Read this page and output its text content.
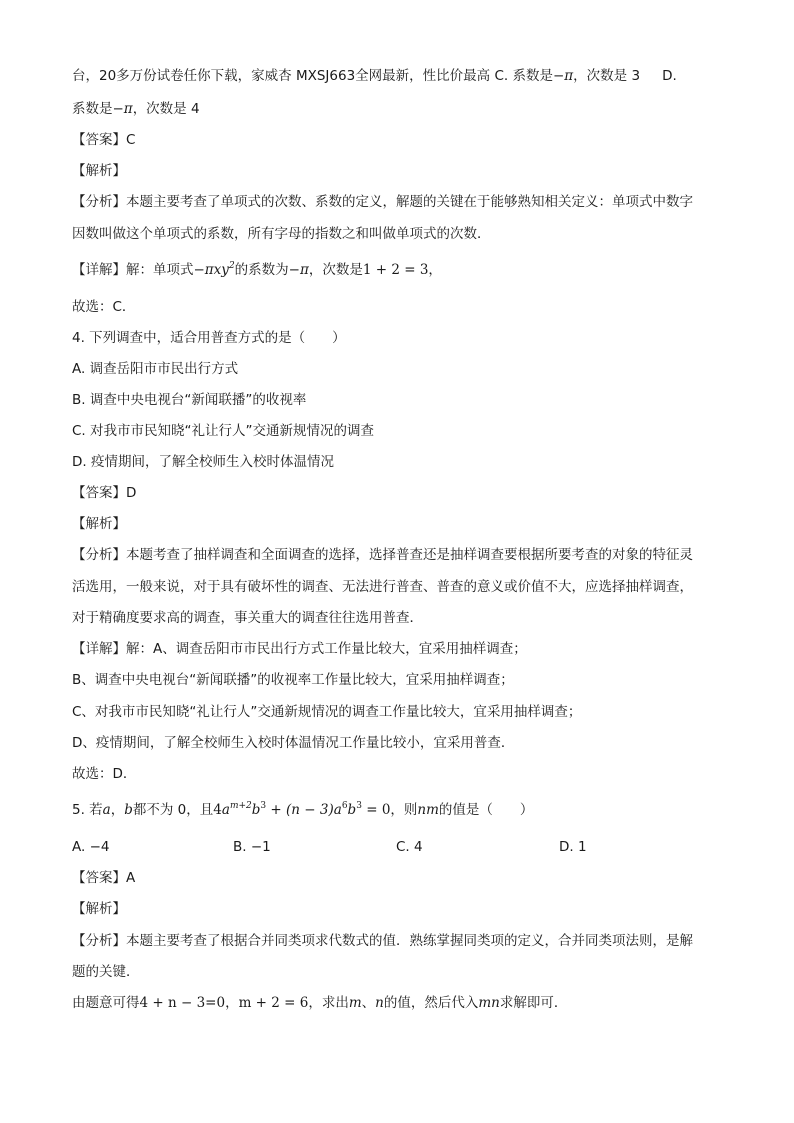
台，20多万份试卷任你下载，家威杏 MXSJ663全网最新，性比价最高 C. 系数是−π，次数是 3 D.
系数是−π，次数是 4
【答案】C
【解析】
【分析】本题主要考查了单项式的次数、系数的定义，解题的关键在于能够熟知相关定义：单项式中数字
因数叫做这个单项式的系数，所有字母的指数之和叫做单项式的次数．
【详解】解：单项式−πxy$^2$的系数为−π，次数是1 + 2 = 3，
故选：C．
4. 下列调查中，适合用普查方式的是（　　）
A. 调查岳阳市市民出行方式
B. 调查中央电视台“新闻联播”的收视率
C. 对我市市民知晓“礼让行人”交通新规情况的调查
D. 疫情期间，了解全校师生入校时体温情况
【答案】D
【解析】
【分析】本题考查了抽样调查和全面调查的选择，选择普查还是抽样调查要根据所要考查的对象的特征灵
活选用，一般来说，对于具有破坏性的调查、无法进行普查、普查的意义或价值不大，应选择抽样调查，
对于精确度要求高的调查，事关重大的调查往往选用普查．
【详解】解：A、调查岳阳市市民出行方式工作量比较大，宜采用抽样调查；
B、调查中央电视台“新闻联播”的收视率工作量比较大，宜采用抽样调查；
C、对我市市民知晓“礼让行人”交通新规情况的调查工作量比较大，宜采用抽样调查；
D、疫情期间，了解全校师生入校时体温情况工作量比较小，宜采用普查．
故选：D．
5. 若a，b都不为 0，且$4a^{m+2}b^3 + (n - 3)a^6b^3 = 0$，则nm的值是（　　）
A. −4	B. −1	C. 4	D. 1
【答案】A
【解析】
【分析】本题主要考查了根据合并同类项求代数式的值．熟练掌握同类项的定义，合并同类项法则，是解
题的关键．
由题意可得4 + n − 3=0，m + 2 = 6，求出m、n的值，然后代入mn求解即可．
